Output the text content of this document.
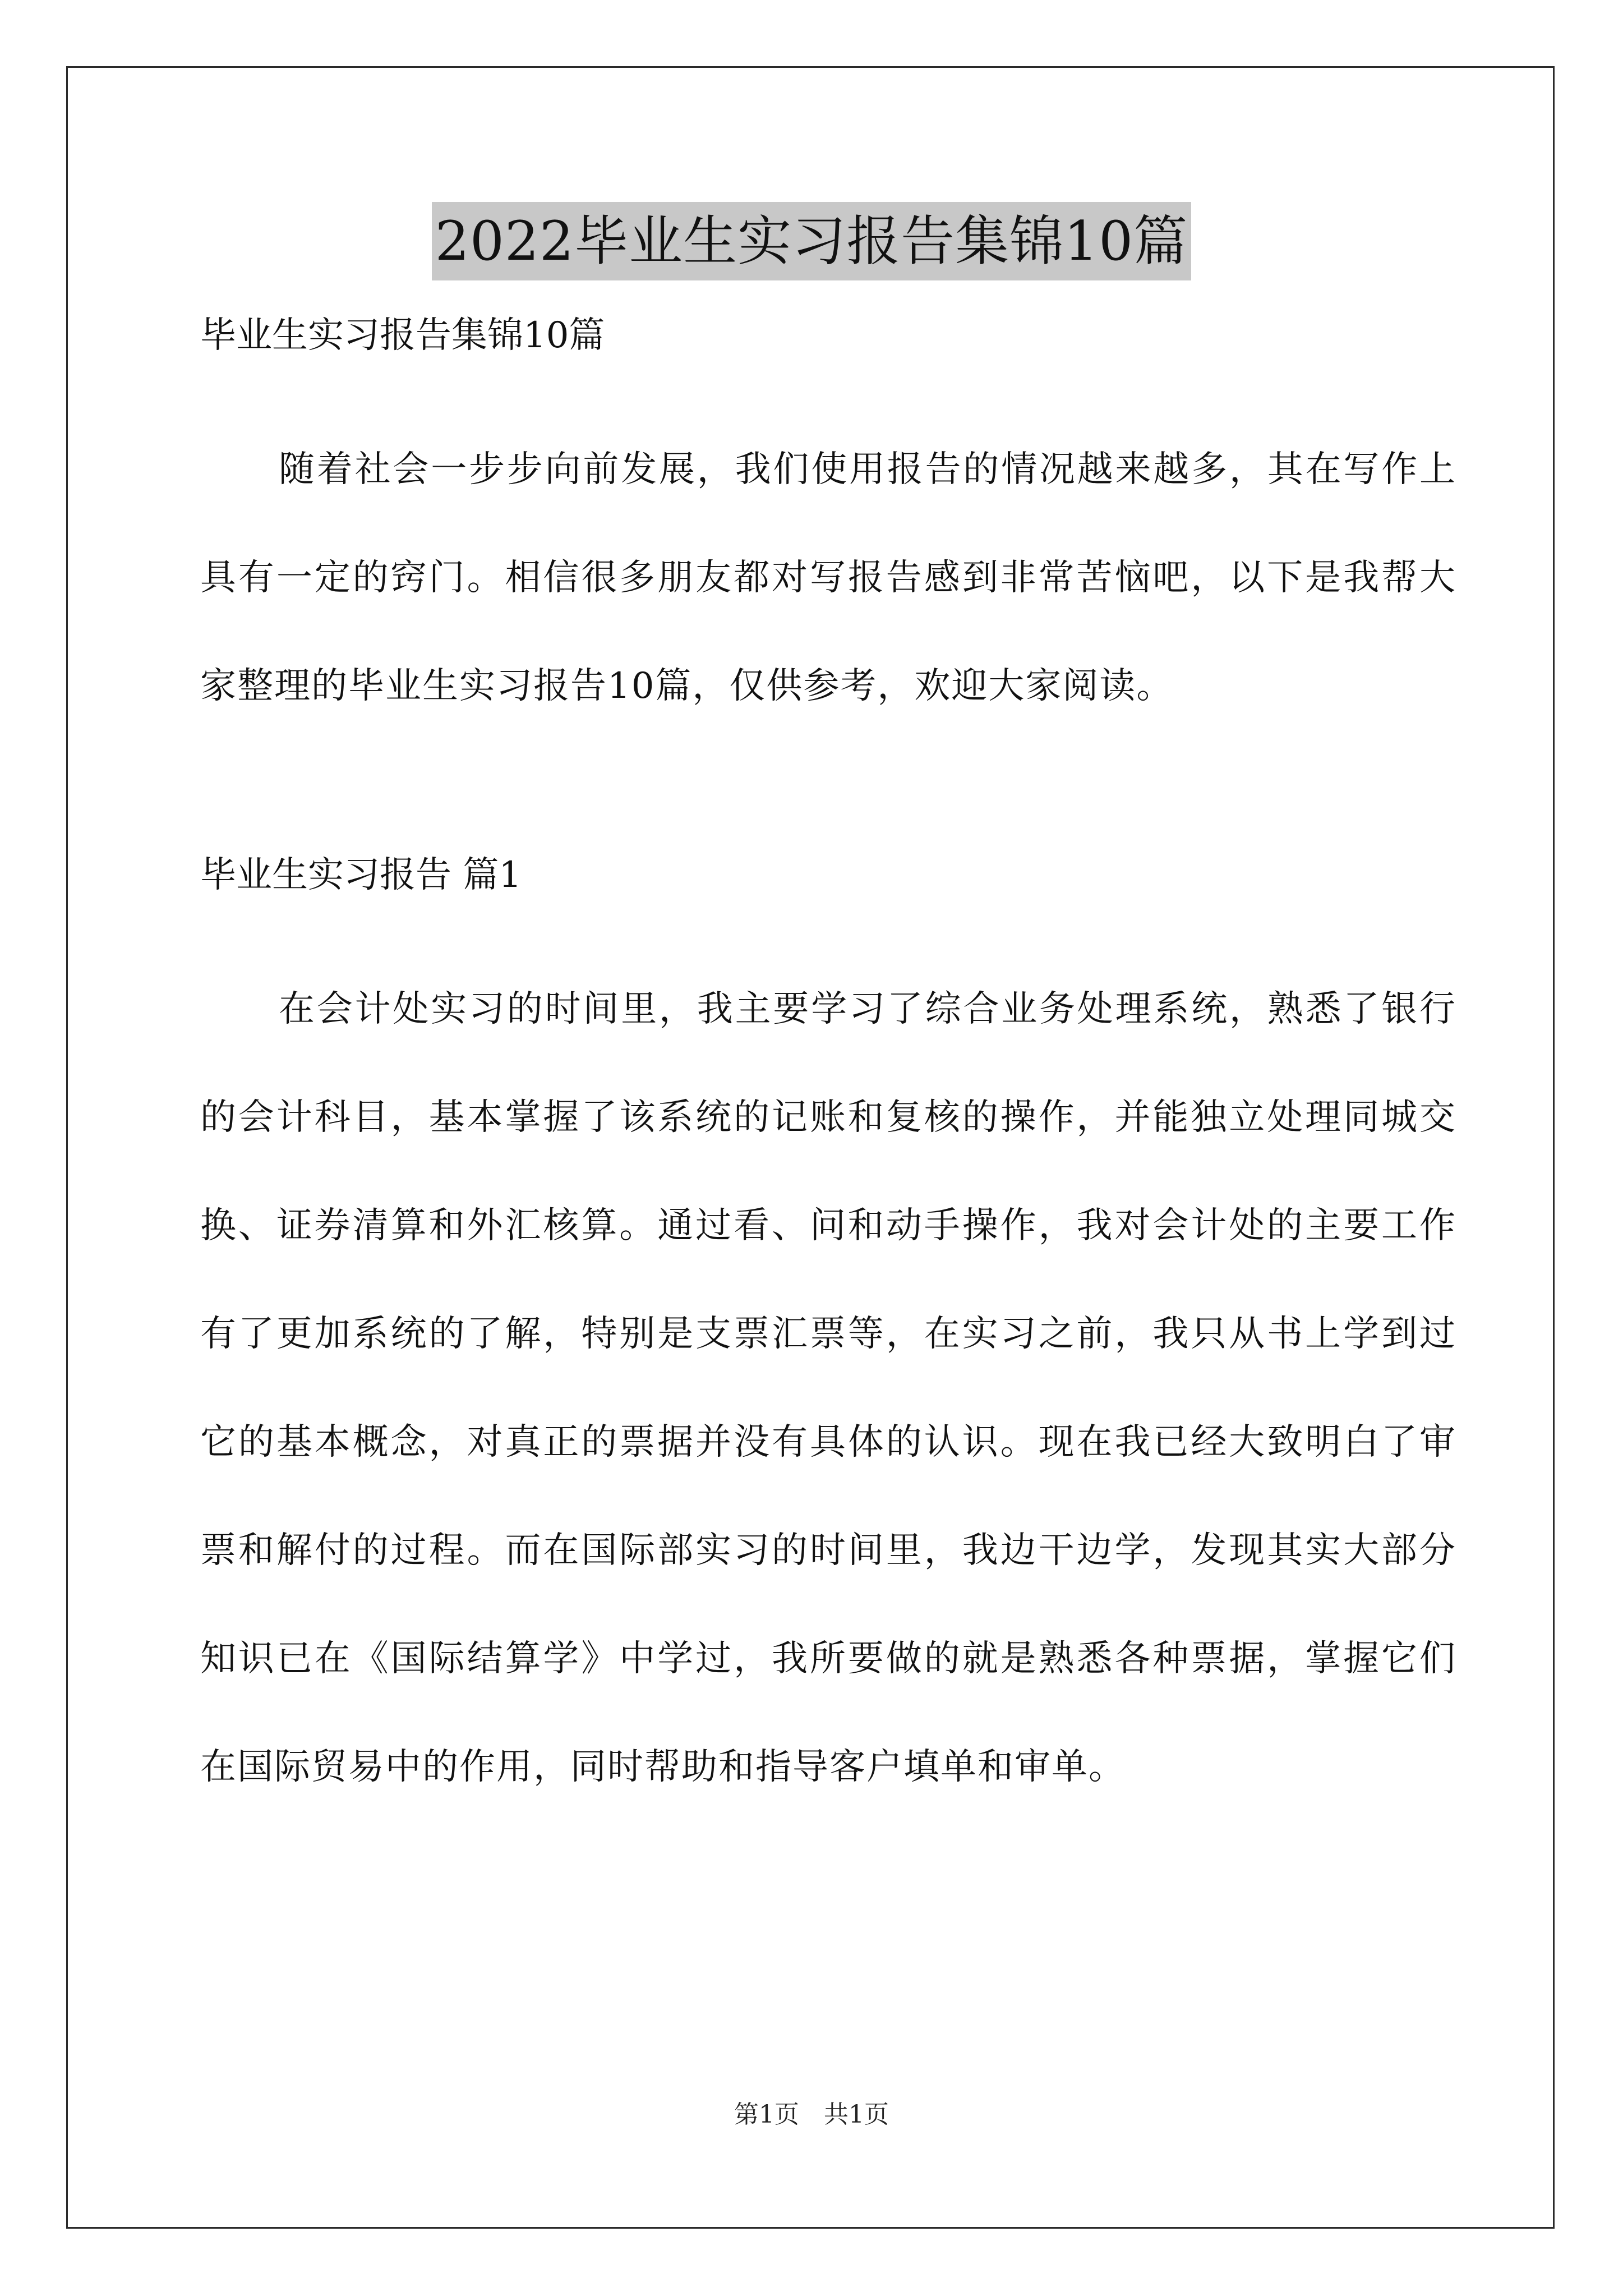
2022毕业生实习报告集锦10篇

毕业生实习报告集锦10篇

随着社会一步步向前发展，我们使用报告的情况越来越多，其在写作上具有一定的窍门。相信很多朋友都对写报告感到非常苦恼吧，以下是我帮大家整理的毕业生实习报告10篇，仅供参考，欢迎大家阅读。

毕业生实习报告 篇1

在会计处实习的时间里，我主要学习了综合业务处理系统，熟悉了银行的会计科目，基本掌握了该系统的记账和复核的操作，并能独立处理同城交换、证券清算和外汇核算。通过看、问和动手操作，我对会计处的主要工作有了更加系统的了解，特别是支票汇票等，在实习之前，我只从书上学到过它的基本概念，对真正的票据并没有具体的认识。现在我已经大致明白了审票和解付的过程。而在国际部实习的时间里，我边干边学，发现其实大部分知识已在《国际结算学》中学过，我所要做的就是熟悉各种票据，掌握它们在国际贸易中的作用，同时帮助和指导客户填单和审单。

第1页 共1页
